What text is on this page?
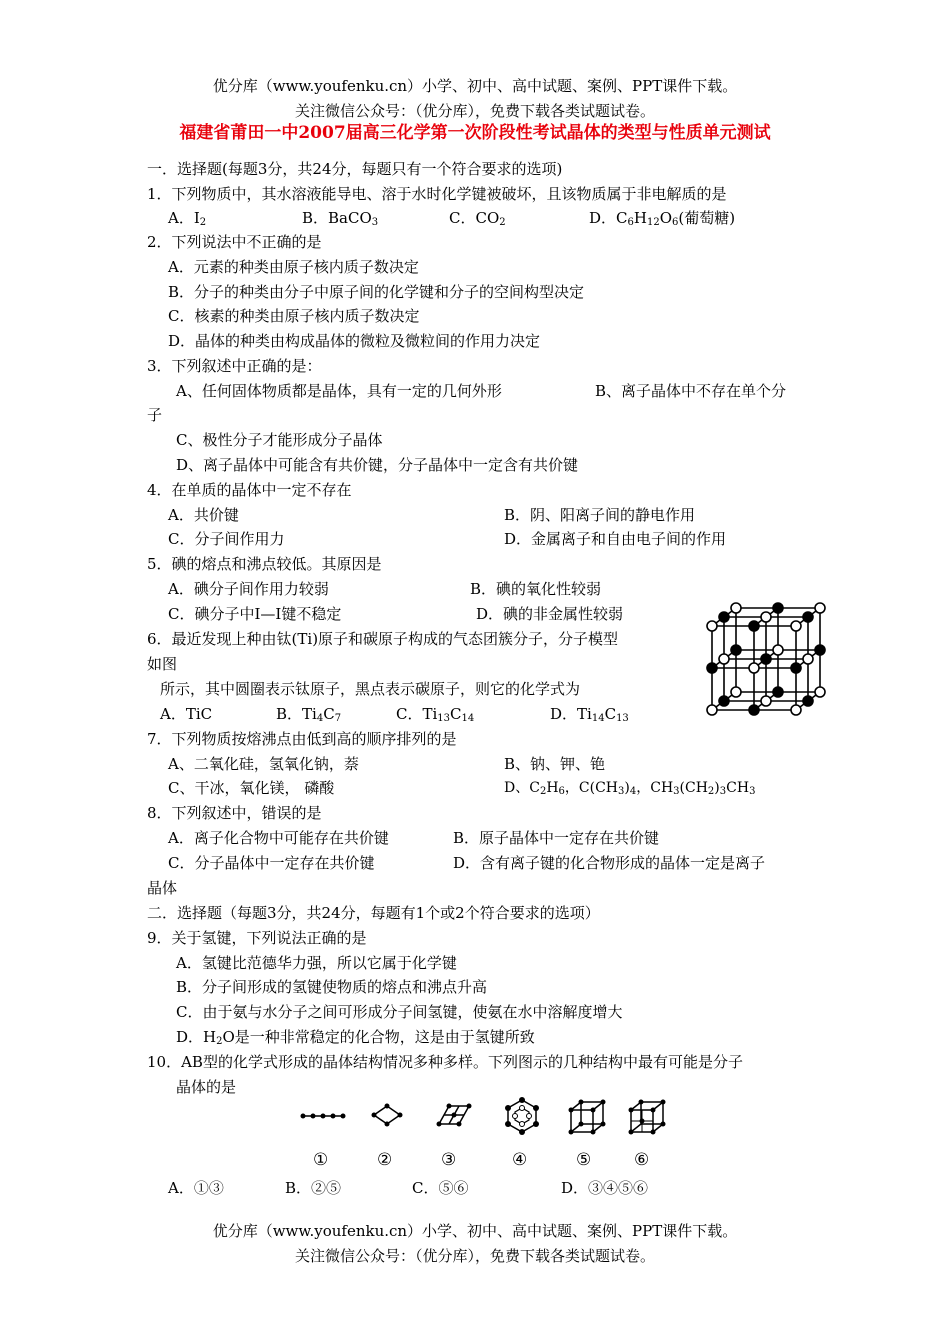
优分库（www.youfenku.cn）小学、初中、高中试题、案例、PPT课件下载。
关注微信公众号：（优分库），免费下载各类试题试卷。
福建省莆田一中2007届高三化学第一次阶段性考试晶体的类型与性质单元测试
一．选择题(每题3分，共24分，每题只有一个符合要求的选项)
1．下列物质中，其水溶液能导电、溶于水时化学键被破坏，且该物质属于非电解质的是
A．$I_2$	B．BaCO$_3$	C．$CO_2$	D．$C_6H_{12}O_6$(葡萄糖)
2．下列说法中不正确的是
A．元素的种类由原子核内质子数决定
B．分子的种类由分子中原子间的化学键和分子的空间构型决定
C．核素的种类由原子核内质子数决定
D．晶体的种类由构成晶体的微粒及微粒间的作用力决定
3．下列叙述中正确的是：
A、任何固体物质都是晶体，具有一定的几何外形	B、离子晶体中不存在单个分
子
C、极性分子才能形成分子晶体
D、离子晶体中可能含有共价键，分子晶体中一定含有共价键
4．在单质的晶体中一定不存在
A．共价键	B．阴、阳离子间的静电作用
C．分子间作用力	D．金属离子和自由电子间的作用
5．碘的熔点和沸点较低。其原因是
A．碘分子间作用力较弱	B．碘的氧化性较弱
C．碘分子中I—I键不稳定	D．碘的非金属性较弱
6．最近发现上种由钛(Ti)原子和碳原子构成的气态团簇分子，分子模型
如图
所示，其中圆圈表示钛原子，黑点表示碳原子，则它的化学式为
A．TiC	B．$Ti_4C_7$	C．$Ti_{13}C_{14}$	D．$Ti_{14}C_{13}$
7．下列物质按熔沸点由低到高的顺序排列的是
A、二氧化硅，氢氧化钠，萘	B、钠、钾、铯
C、干冰，氧化镁， 磷酸	D、$C_2H_6$，$C(CH_3)_4$，$CH_3(CH_2)_3CH_3$
8．下列叙述中，错误的是
A．离子化合物中可能存在共价键	B．原子晶体中一定存在共价键
C．分子晶体中一定存在共价键	D．含有离子键的化合物形成的晶体一定是离子
晶体
二．选择题（每题3分，共24分，每题有1个或2个符合要求的选项）
9．关于氢键，下列说法正确的是
A．氢键比范德华力强，所以它属于化学键
B．分子间形成的氢键使物质的熔点和沸点升高
C．由于氨与水分子之间可形成分子间氢键，使氨在水中溶解度增大
D．$H_2O$是一种非常稳定的化合物，这是由于氢键所致
10．AB型的化学式形成的晶体结构情况多种多样。下列图示的几种结构中最有可能是分子
晶体的是
①	②	③	④	⑤	⑥
A．①③	B．②⑤	C．⑤⑥	D．③④⑤⑥
优分库（www.youfenku.cn）小学、初中、高中试题、案例、PPT课件下载。
关注微信公众号：（优分库），免费下载各类试题试卷。
